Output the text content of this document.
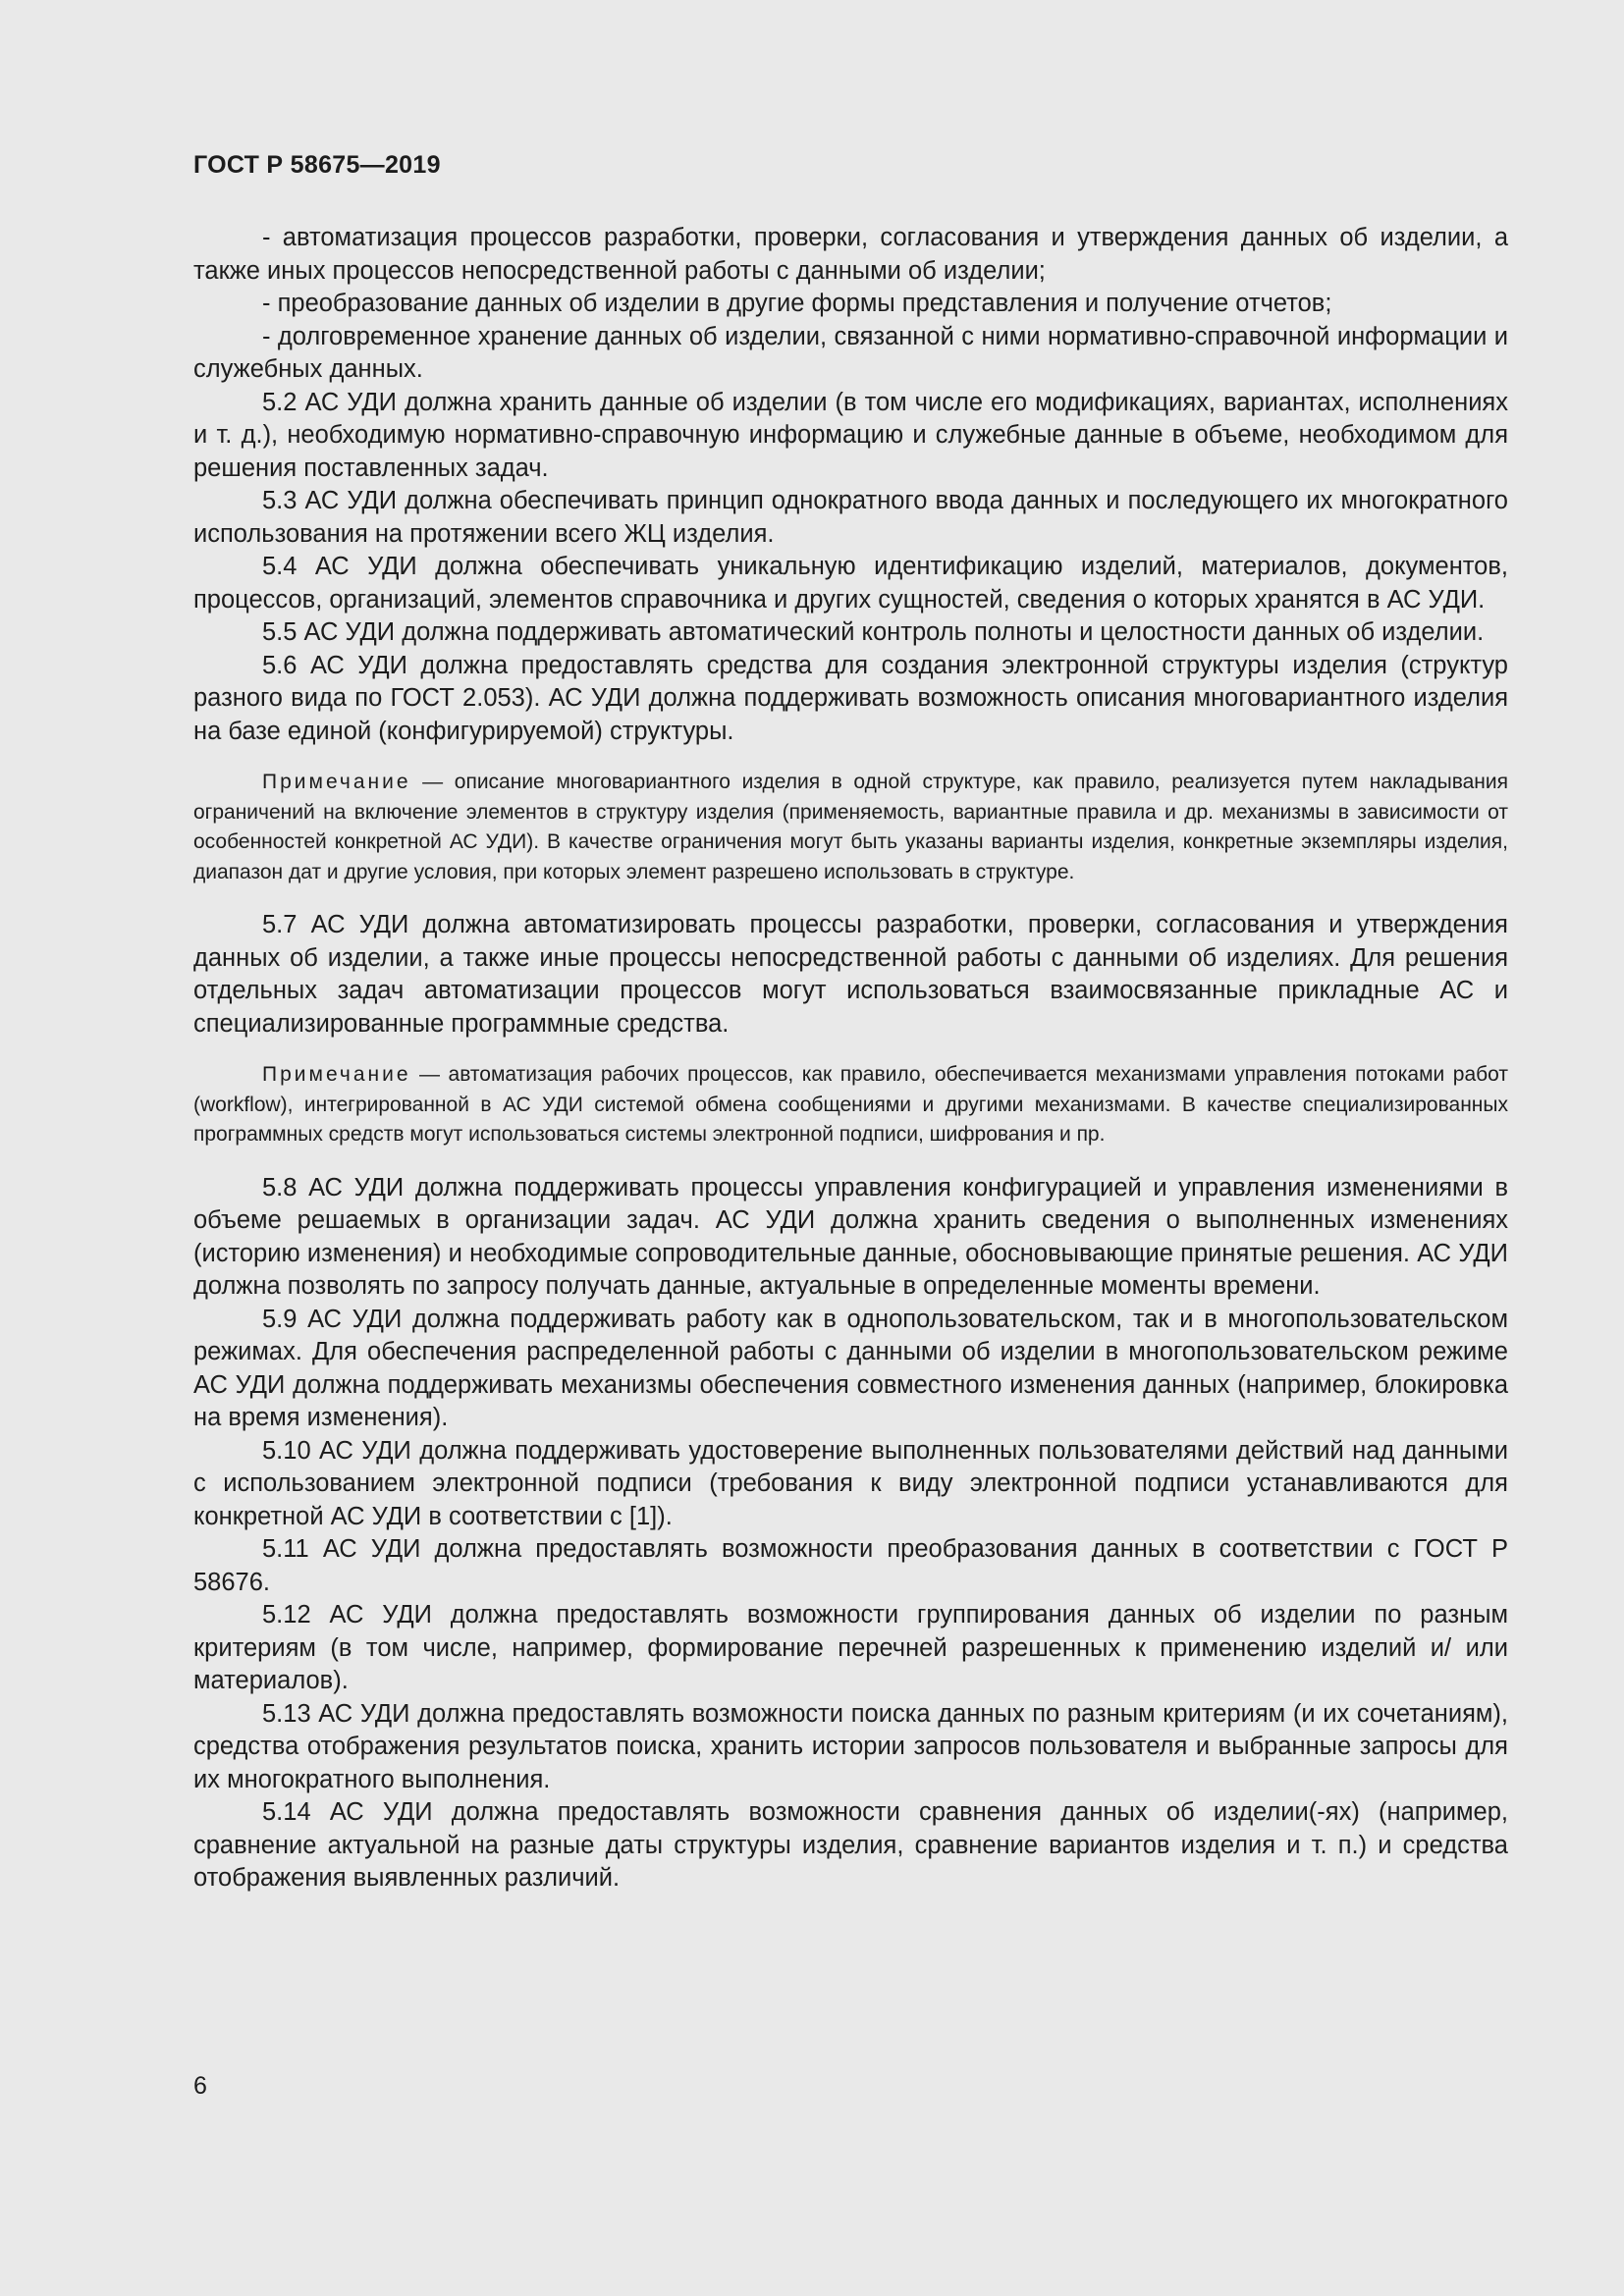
ГОСТ Р 58675—2019

- автоматизация процессов разработки, проверки, согласования и утверждения данных об изделии, а также иных процессов непосредственной работы с данными об изделии;

- преобразование данных об изделии в другие формы представления и получение отчетов;

- долговременное хранение данных об изделии, связанной с ними нормативно-справочной информации и служебных данных.

5.2 АС УДИ должна хранить данные об изделии (в том числе его модификациях, вариантах, исполнениях и т. д.), необходимую нормативно-справочную информацию и служебные данные в объеме, необходимом для решения поставленных задач.

5.3 АС УДИ должна обеспечивать принцип однократного ввода данных и последующего их многократного использования на протяжении всего ЖЦ изделия.

5.4 АС УДИ должна обеспечивать уникальную идентификацию изделий, материалов, документов, процессов, организаций, элементов справочника и других сущностей, сведения о которых хранятся в АС УДИ.

5.5 АС УДИ должна поддерживать автоматический контроль полноты и целостности данных об изделии.

5.6 АС УДИ должна предоставлять средства для создания электронной структуры изделия (структур разного вида по ГОСТ 2.053). АС УДИ должна поддерживать возможность описания многовариантного изделия на базе единой (конфигурируемой) структуры.

Примечание — описание многовариантного изделия в одной структуре, как правило, реализуется путем накладывания ограничений на включение элементов в структуру изделия (применяемость, вариантные правила и др. механизмы в зависимости от особенностей конкретной АС УДИ). В качестве ограничения могут быть указаны варианты изделия, конкретные экземпляры изделия, диапазон дат и другие условия, при которых элемент разрешено использовать в структуре.

5.7 АС УДИ должна автоматизировать процессы разработки, проверки, согласования и утверждения данных об изделии, а также иные процессы непосредственной работы с данными об изделиях. Для решения отдельных задач автоматизации процессов могут использоваться взаимосвязанные прикладные АС и специализированные программные средства.

Примечание — автоматизация рабочих процессов, как правило, обеспечивается механизмами управления потоками работ (workflow), интегрированной в АС УДИ системой обмена сообщениями и другими механизмами. В качестве специализированных программных средств могут использоваться системы электронной подписи, шифрования и пр.

5.8 АС УДИ должна поддерживать процессы управления конфигурацией и управления изменениями в объеме решаемых в организации задач. АС УДИ должна хранить сведения о выполненных изменениях (историю изменения) и необходимые сопроводительные данные, обосновывающие принятые решения. АС УДИ должна позволять по запросу получать данные, актуальные в определенные моменты времени.

5.9 АС УДИ должна поддерживать работу как в однопользовательском, так и в многопользовательском режимах. Для обеспечения распределенной работы с данными об изделии в многопользовательском режиме АС УДИ должна поддерживать механизмы обеспечения совместного изменения данных (например, блокировка на время изменения).

5.10 АС УДИ должна поддерживать удостоверение выполненных пользователями действий над данными с использованием электронной подписи (требования к виду электронной подписи устанавливаются для конкретной АС УДИ в соответствии с [1]).

5.11 АС УДИ должна предоставлять возможности преобразования данных в соответствии с ГОСТ Р 58676.

5.12 АС УДИ должна предоставлять возможности группирования данных об изделии по разным критериям (в том числе, например, формирование перечней разрешенных к применению изделий и/ или материалов).

5.13 АС УДИ должна предоставлять возможности поиска данных по разным критериям (и их сочетаниям), средства отображения результатов поиска, хранить истории запросов пользователя и выбранные запросы для их многократного выполнения.

5.14 АС УДИ должна предоставлять возможности сравнения данных об изделии(-ях) (например, сравнение актуальной на разные даты структуры изделия, сравнение вариантов изделия и т. п.) и средства отображения выявленных различий.

6
